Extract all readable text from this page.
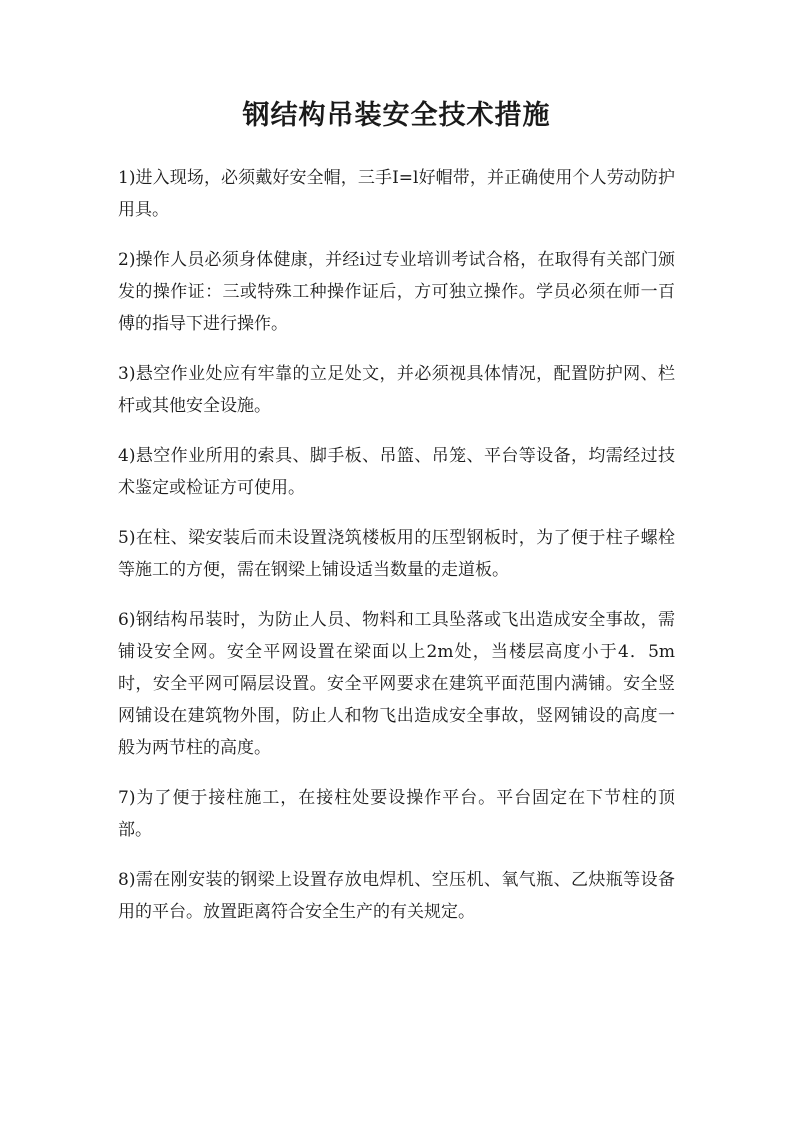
钢结构吊装安全技术措施

1)进入现场，必须戴好安全帽，三手I=l好帽带，并正确使用个人劳动防护用具。

2)操作人员必须身体健康，并经i过专业培训考试合格，在取得有关部门颁发的操作证：三或特殊工种操作证后，方可独立操作。学员必须在师一百傅的指导下进行操作。

3)悬空作业处应有牢靠的立足处文，并必须视具体情况，配置防护网、栏杆或其他安全设施。

4)悬空作业所用的索具、脚手板、吊篮、吊笼、平台等设备，均需经过技术鉴定或检证方可使用。

5)在柱、梁安装后而未设置浇筑楼板用的压型钢板时，为了便于柱子螺栓等施工的方便，需在钢梁上铺设适当数量的走道板。

6)钢结构吊装时，为防止人员、物料和工具坠落或飞出造成安全事故，需铺设安全网。安全平网设置在梁面以上2m处，当楼层高度小于4．5m时，安全平网可隔层设置。安全平网要求在建筑平面范围内满铺。安全竖网铺设在建筑物外围，防止人和物飞出造成安全事故，竖网铺设的高度一般为两节柱的高度。

7)为了便于接柱施工，在接柱处要设操作平台。平台固定在下节柱的顶部。

8)需在刚安装的钢梁上设置存放电焊机、空压机、氧气瓶、乙炔瓶等设备用的平台。放置距离符合安全生产的有关规定。
